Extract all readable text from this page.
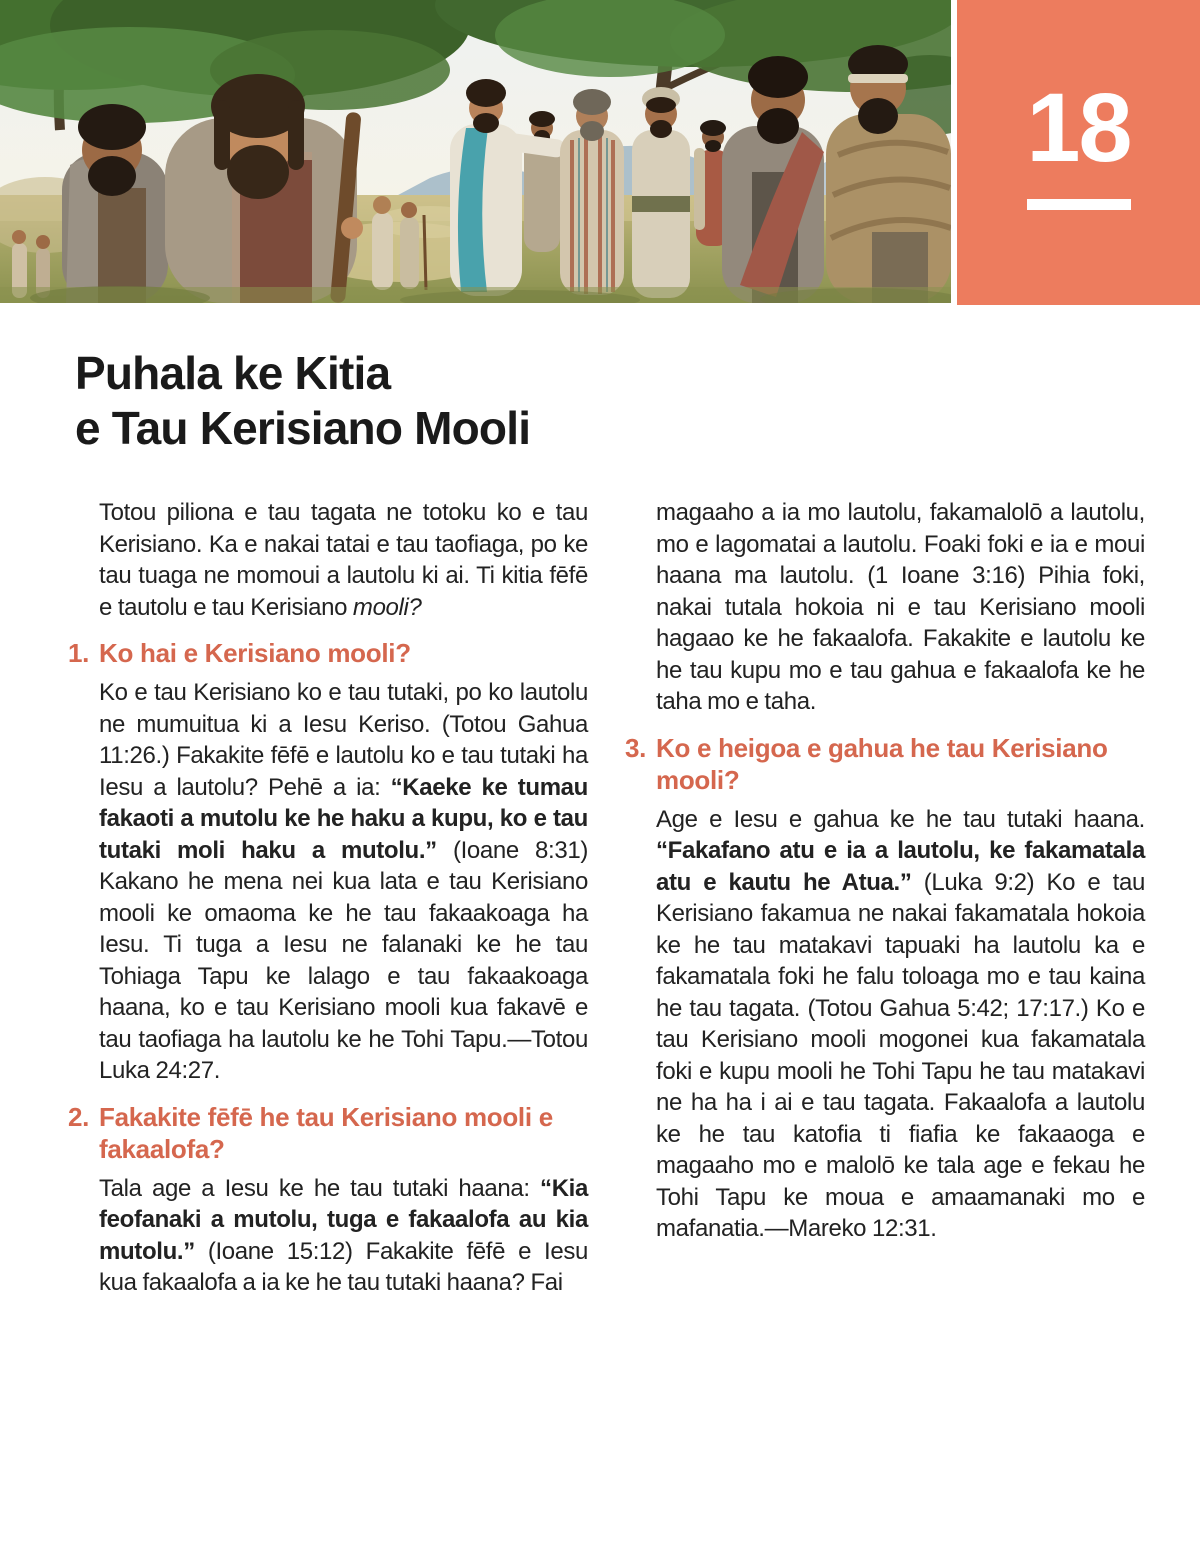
18
Puhala ke Kitia
e Tau Kerisiano Mooli

Totou piliona e tau tagata ne totoku ko e tau Kerisiano. Ka e nakai tatai e tau taofiaga, po ke tau tuaga ne momoui a lautolu ki ai. Ti kitia fēfē e tautolu e tau Kerisiano mooli?

1. Ko hai e Kerisiano mooli?

Ko e tau Kerisiano ko e tau tutaki, po ko lautolu ne mumuitua ki a Iesu Keriso. (Totou Gahua 11:26.) Fakakite fēfē e lautolu ko e tau tutaki ha Iesu a lautolu? Pehē a ia: “Kaeke ke tumau fakaoti a mutolu ke he haku a kupu, ko e tau tutaki moli haku a mutolu.” (Ioane 8:31) Kakano he mena nei kua lata e tau Kerisiano mooli ke omaoma ke he tau fakaakoaga ha Iesu. Ti tuga a Iesu ne falanaki ke he tau Tohiaga Tapu ke lalago e tau fakaakoaga haana, ko e tau Kerisiano mooli kua fakavē e tau taofiaga ha lautolu ke he Tohi Tapu.—Totou Luka 24:27.

2. Fakakite fēfē he tau Kerisiano mooli e fakaalofa?

Tala age a Iesu ke he tau tutaki haana: “Kia feofanaki a mutolu, tuga e fakaalofa au kia mutolu.” (Ioane 15:12) Fakakite fēfē e Iesu kua fakaalofa a ia ke he tau tutaki haana? Fai

magaaho a ia mo lautolu, fakamalolō a lautolu, mo e lagomatai a lautolu. Foaki foki e ia e moui haana ma lautolu. (1 Ioane 3:16) Pihia foki, nakai tutala hokoia ni e tau Kerisiano mooli hagaao ke he fakaalofa. Fakakite e lautolu ke he tau kupu mo e tau gahua e fakaalofa ke he taha mo e taha.

3. Ko e heigoa e gahua he tau Kerisiano mooli?

Age e Iesu e gahua ke he tau tutaki haana. “Fakafano atu e ia a lautolu, ke fakamatala atu e kautu he Atua.” (Luka 9:2) Ko e tau Kerisiano fakamua ne nakai fakamatala hokoia ke he tau matakavi tapuaki ha lautolu ka e fakamatala foki he falu toloaga mo e tau kaina he tau tagata. (Totou Gahua 5:42; 17:17.) Ko e tau Kerisiano mooli mogonei kua fakamatala foki e kupu mooli he Tohi Tapu he tau matakavi ne ha ha i ai e tau tagata. Fakaalofa a lautolu ke he tau katofia ti fiafia ke fakaaoga e magaaho mo e malolō ke tala age e fekau he Tohi Tapu ke moua e amaamanaki mo e mafanatia.—Mareko 12:31.
